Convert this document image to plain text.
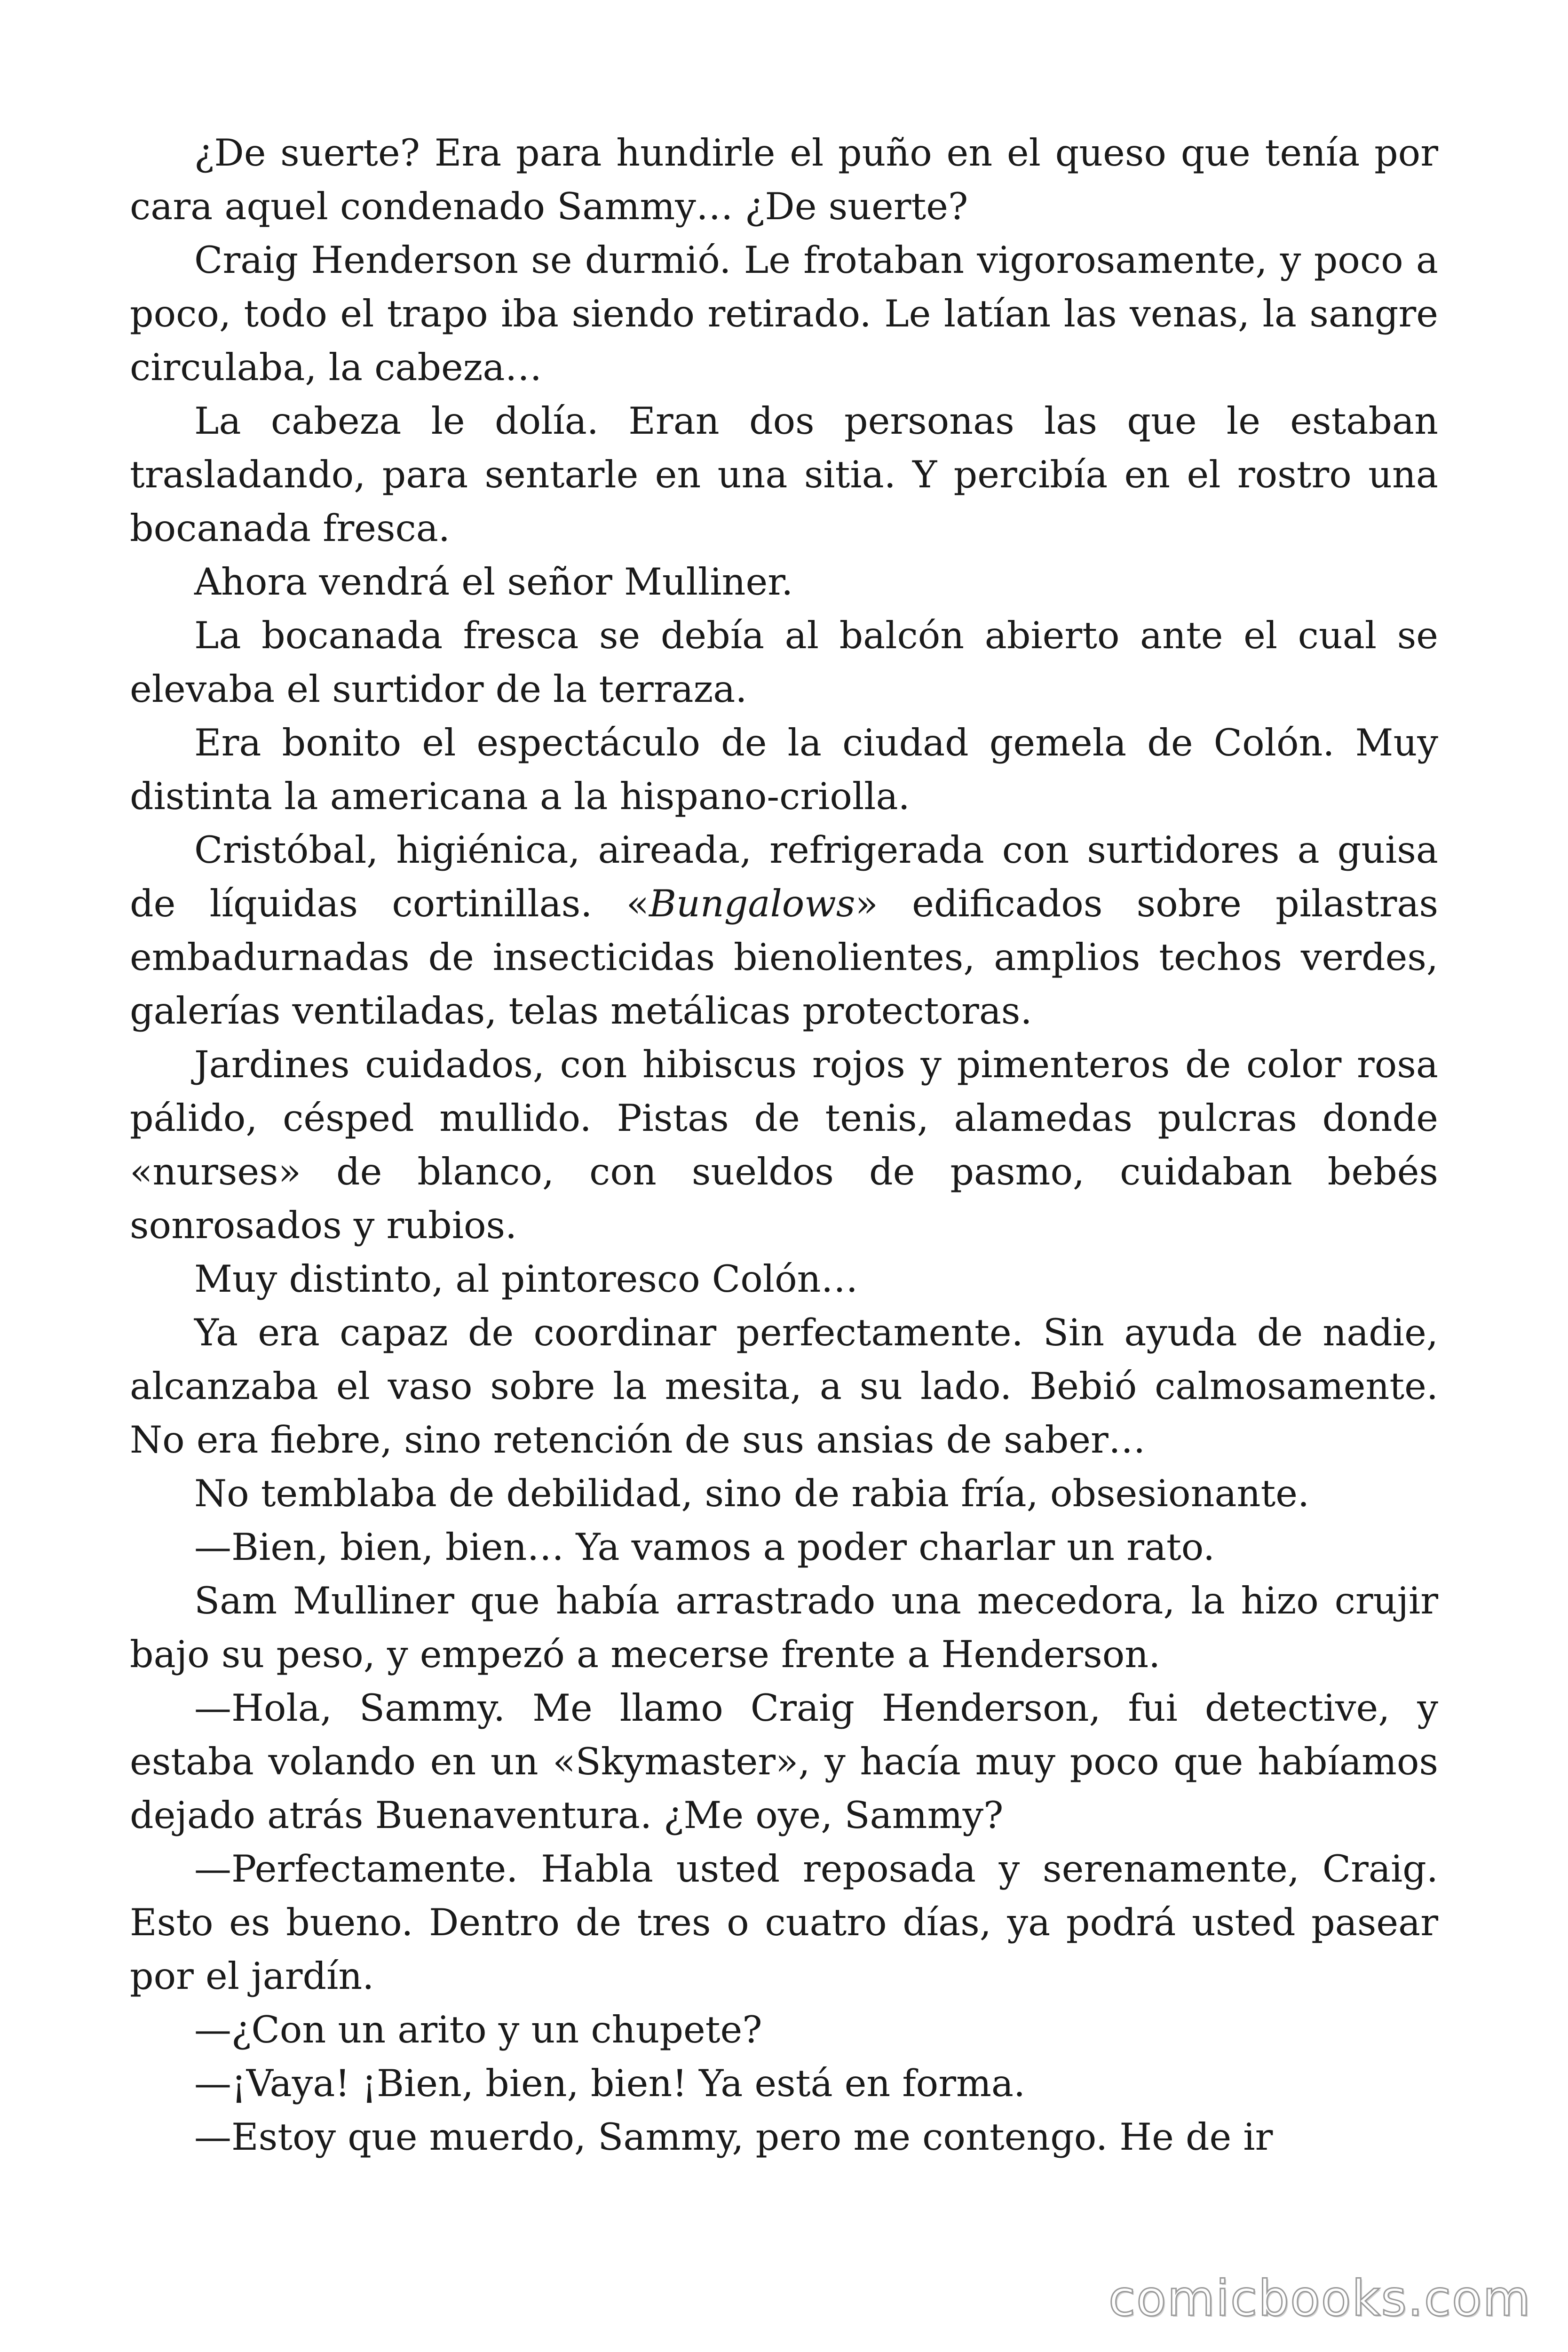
¿De suerte? Era para hundirle el puño en el queso que tenía por cara aquel condenado Sammy… ¿De suerte?

Craig Henderson se durmió. Le frotaban vigorosamente, y poco a poco, todo el trapo iba siendo retirado. Le latían las venas, la sangre circulaba, la cabeza…

La cabeza le dolía. Eran dos personas las que le estaban trasladando, para sentarle en una sitia. Y percibía en el rostro una bocanada fresca.

Ahora vendrá el señor Mulliner.

La bocanada fresca se debía al balcón abierto ante el cual se elevaba el surtidor de la terraza.

Era bonito el espectáculo de la ciudad gemela de Colón. Muy distinta la americana a la hispano-criolla.

Cristóbal, higiénica, aireada, refrigerada con surtidores a guisa de líquidas cortinillas. «Bungalows» edificados sobre pilastras embadurnadas de insecticidas bienolientes, amplios techos verdes, galerías ventiladas, telas metálicas protectoras.

Jardines cuidados, con hibiscus rojos y pimenteros de color rosa pálido, césped mullido. Pistas de tenis, alamedas pulcras donde «nurses» de blanco, con sueldos de pasmo, cuidaban bebés sonrosados y rubios.

Muy distinto, al pintoresco Colón…

Ya era capaz de coordinar perfectamente. Sin ayuda de nadie, alcanzaba el vaso sobre la mesita, a su lado. Bebió calmosamente. No era fiebre, sino retención de sus ansias de saber…

No temblaba de debilidad, sino de rabia fría, obsesionante.

—Bien, bien, bien… Ya vamos a poder charlar un rato.

Sam Mulliner que había arrastrado una mecedora, la hizo crujir bajo su peso, y empezó a mecerse frente a Henderson.

—Hola, Sammy. Me llamo Craig Henderson, fui detective, y estaba volando en un «Skymaster», y hacía muy poco que habíamos dejado atrás Buenaventura. ¿Me oye, Sammy?

—Perfectamente. Habla usted reposada y serenamente, Craig. Esto es bueno. Dentro de tres o cuatro días, ya podrá usted pasear por el jardín.

—¿Con un arito y un chupete?

—¡Vaya! ¡Bien, bien, bien! Ya está en forma.

—Estoy que muerdo, Sammy, pero me contengo. He de ir

comicbooks.com
